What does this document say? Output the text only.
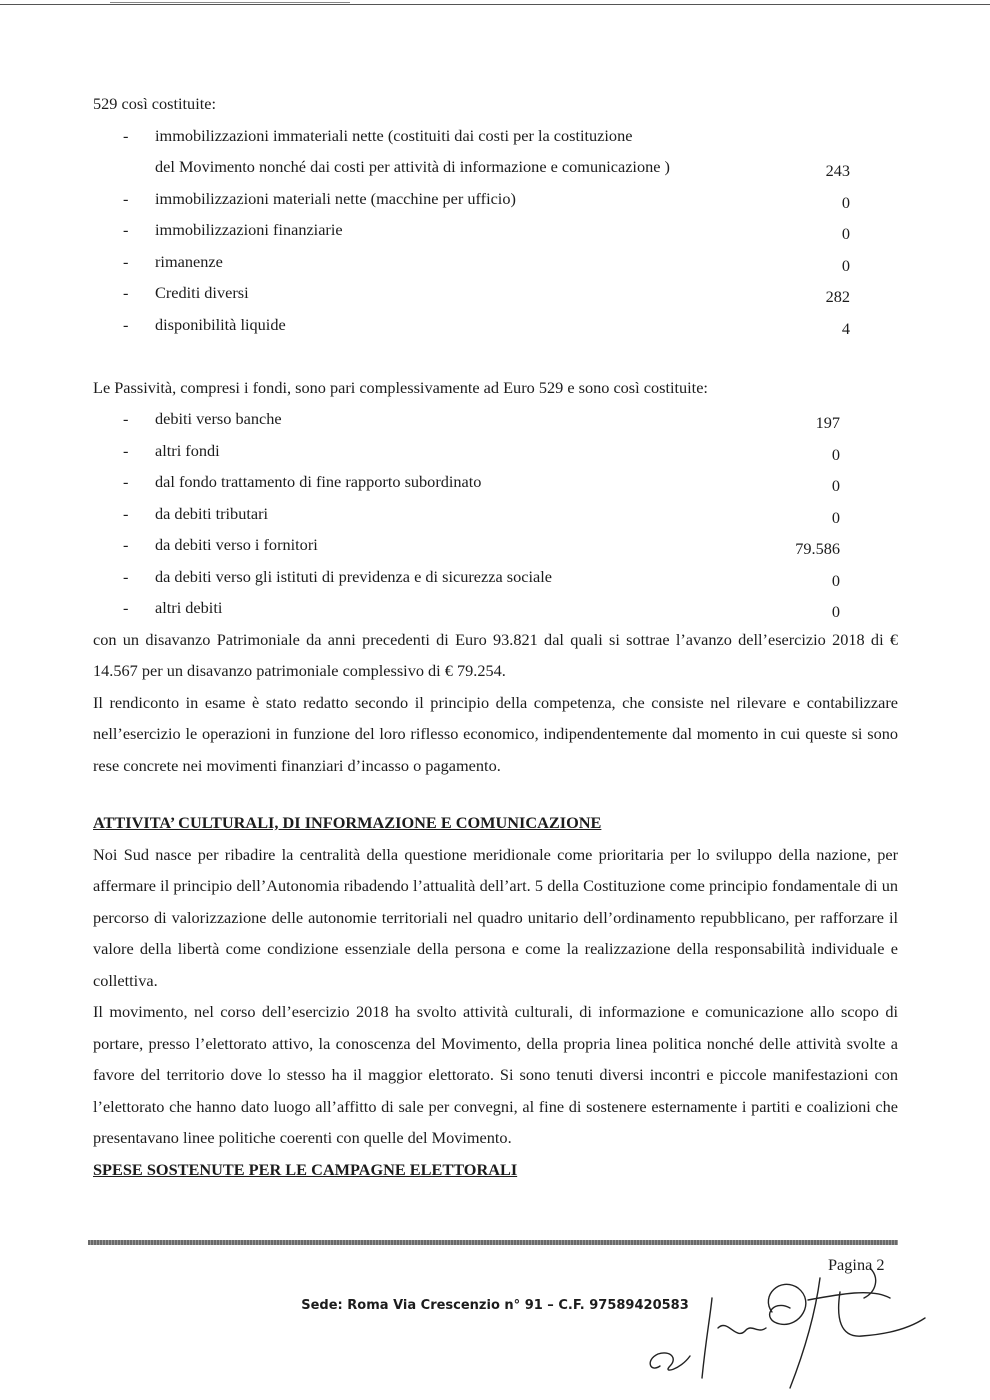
529 così costituite:
- immobilizzazioni immateriali nette (costituiti dai costi per la costituzione
del Movimento nonché dai costi per attività di informazione e comunicazione )	243
- immobilizzazioni materiali nette (macchine per ufficio)	0
- immobilizzazioni finanziarie	0
- rimanenze	0
- Crediti diversi	282
- disponibilità liquide	4
Le Passività, compresi i fondi, sono pari complessivamente ad Euro 529 e sono così costituite:
- debiti verso banche	197
- altri fondi	0
- dal fondo trattamento di fine rapporto subordinato	0
- da debiti tributari	0
- da debiti verso i fornitori	79.586
- da debiti verso gli istituti di previdenza e di sicurezza sociale	0
- altri debiti	0

con un disavanzo Patrimoniale da anni precedenti di Euro 93.821 dal quali si sottrae l’avanzo dell’esercizio 2018 di € 14.567 per un disavanzo patrimoniale complessivo di € 79.254.

Il rendiconto in esame è stato redatto secondo il principio della competenza, che consiste nel rilevare e contabilizzare nell’esercizio le operazioni in funzione del loro riflesso economico, indipendentemente dal momento in cui queste si sono rese concrete nei movimenti finanziari d’incasso o pagamento.

ATTIVITA’ CULTURALI, DI INFORMAZIONE E COMUNICAZIONE

Noi Sud nasce per ribadire la centralità della questione meridionale come prioritaria per lo sviluppo della nazione, per affermare il principio dell’Autonomia ribadendo l’attualità dell’art. 5 della Costituzione come principio fondamentale di un percorso di valorizzazione delle autonomie territoriali nel quadro unitario dell’ordinamento repubblicano, per rafforzare il valore della libertà come condizione essenziale della persona e come la realizzazione della responsabilità individuale e collettiva.

Il movimento, nel corso dell’esercizio 2018 ha svolto attività culturali, di informazione e comunicazione allo scopo di portare, presso l’elettorato attivo, la conoscenza del Movimento, della propria linea politica nonché delle attività svolte a favore del territorio dove lo stesso ha il maggior elettorato. Si sono tenuti diversi incontri e piccole manifestazioni con l’elettorato che hanno dato luogo all’affitto di sale per convegni, al fine di sostenere esternamente i partiti e coalizioni che presentavano linee politiche coerenti con quelle del Movimento.

SPESE SOSTENUTE PER LE CAMPAGNE ELETTORALI

Pagina 2
Sede: Roma Via Crescenzio n° 91 – C.F. 97589420583
